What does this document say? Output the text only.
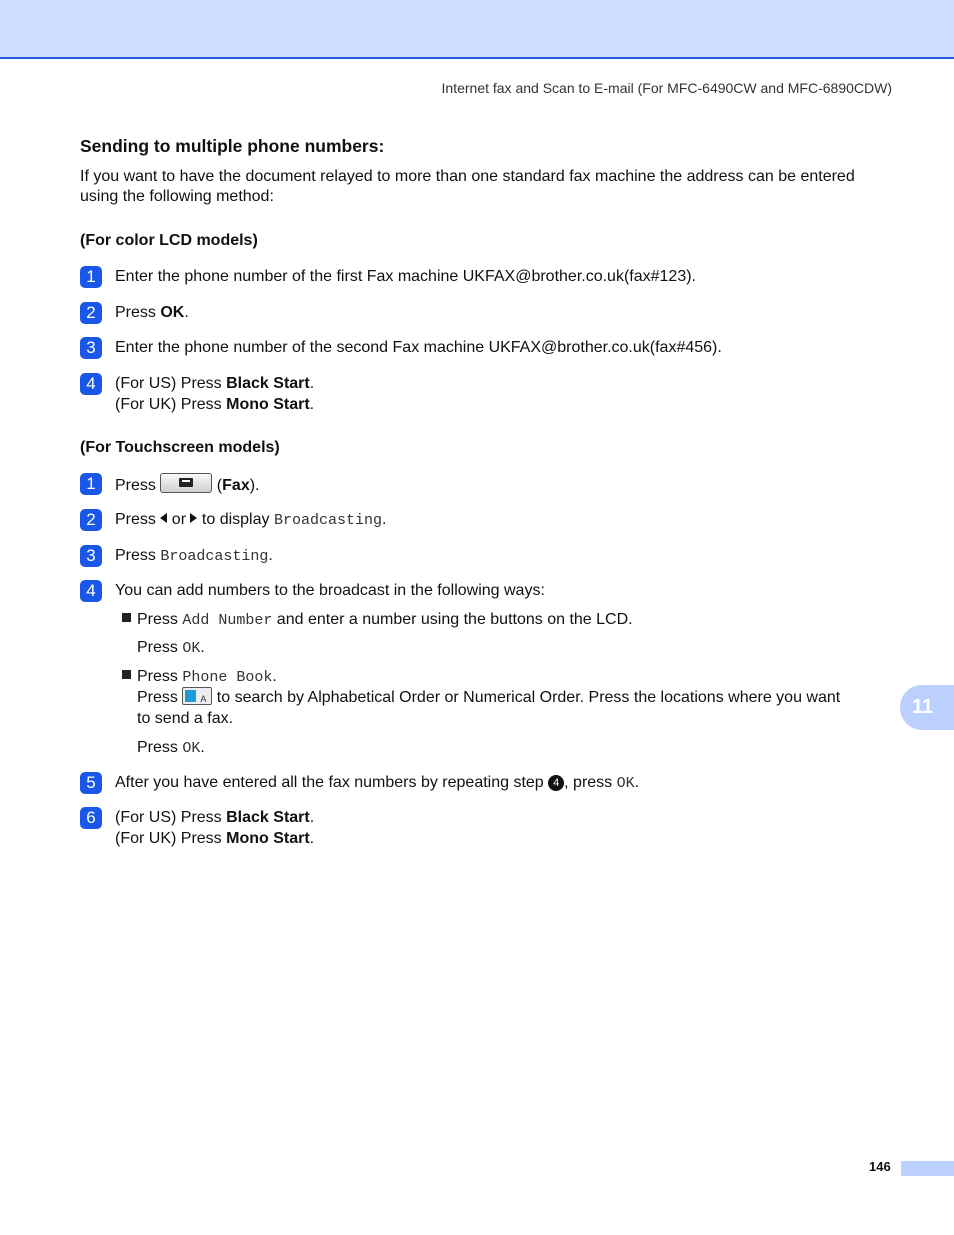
Internet fax and Scan to E-mail (For MFC-6490CW and MFC-6890CDW)
Sending to multiple phone numbers:

If you want to have the document relayed to more than one standard fax machine the address can be entered using the following method:

(For color LCD models)
1	Enter the phone number of the first Fax machine UKFAX@brother.co.uk(fax#123).
2	Press OK.
3	Enter the phone number of the second Fax machine UKFAX@brother.co.uk(fax#456).
4	(For US) Press Black Start.
(For UK) Press Mono Start.
(For Touchscreen models)
1	Press	(Fax).
2	Press  or  to display Broadcasting.
3	Press Broadcasting.
4	You can add numbers to the broadcast in the following ways:
Press Add Number and enter a number using the buttons on the LCD.
Press OK.
Press Phone Book.
Press A to search by Alphabetical Order or Numerical Order. Press the locations where you want
to send a fax.
Press OK.
5	After you have entered all the fax numbers by repeating step 4 , press OK.
6	(For US) Press Black Start.
(For UK) Press Mono Start.
11
146
